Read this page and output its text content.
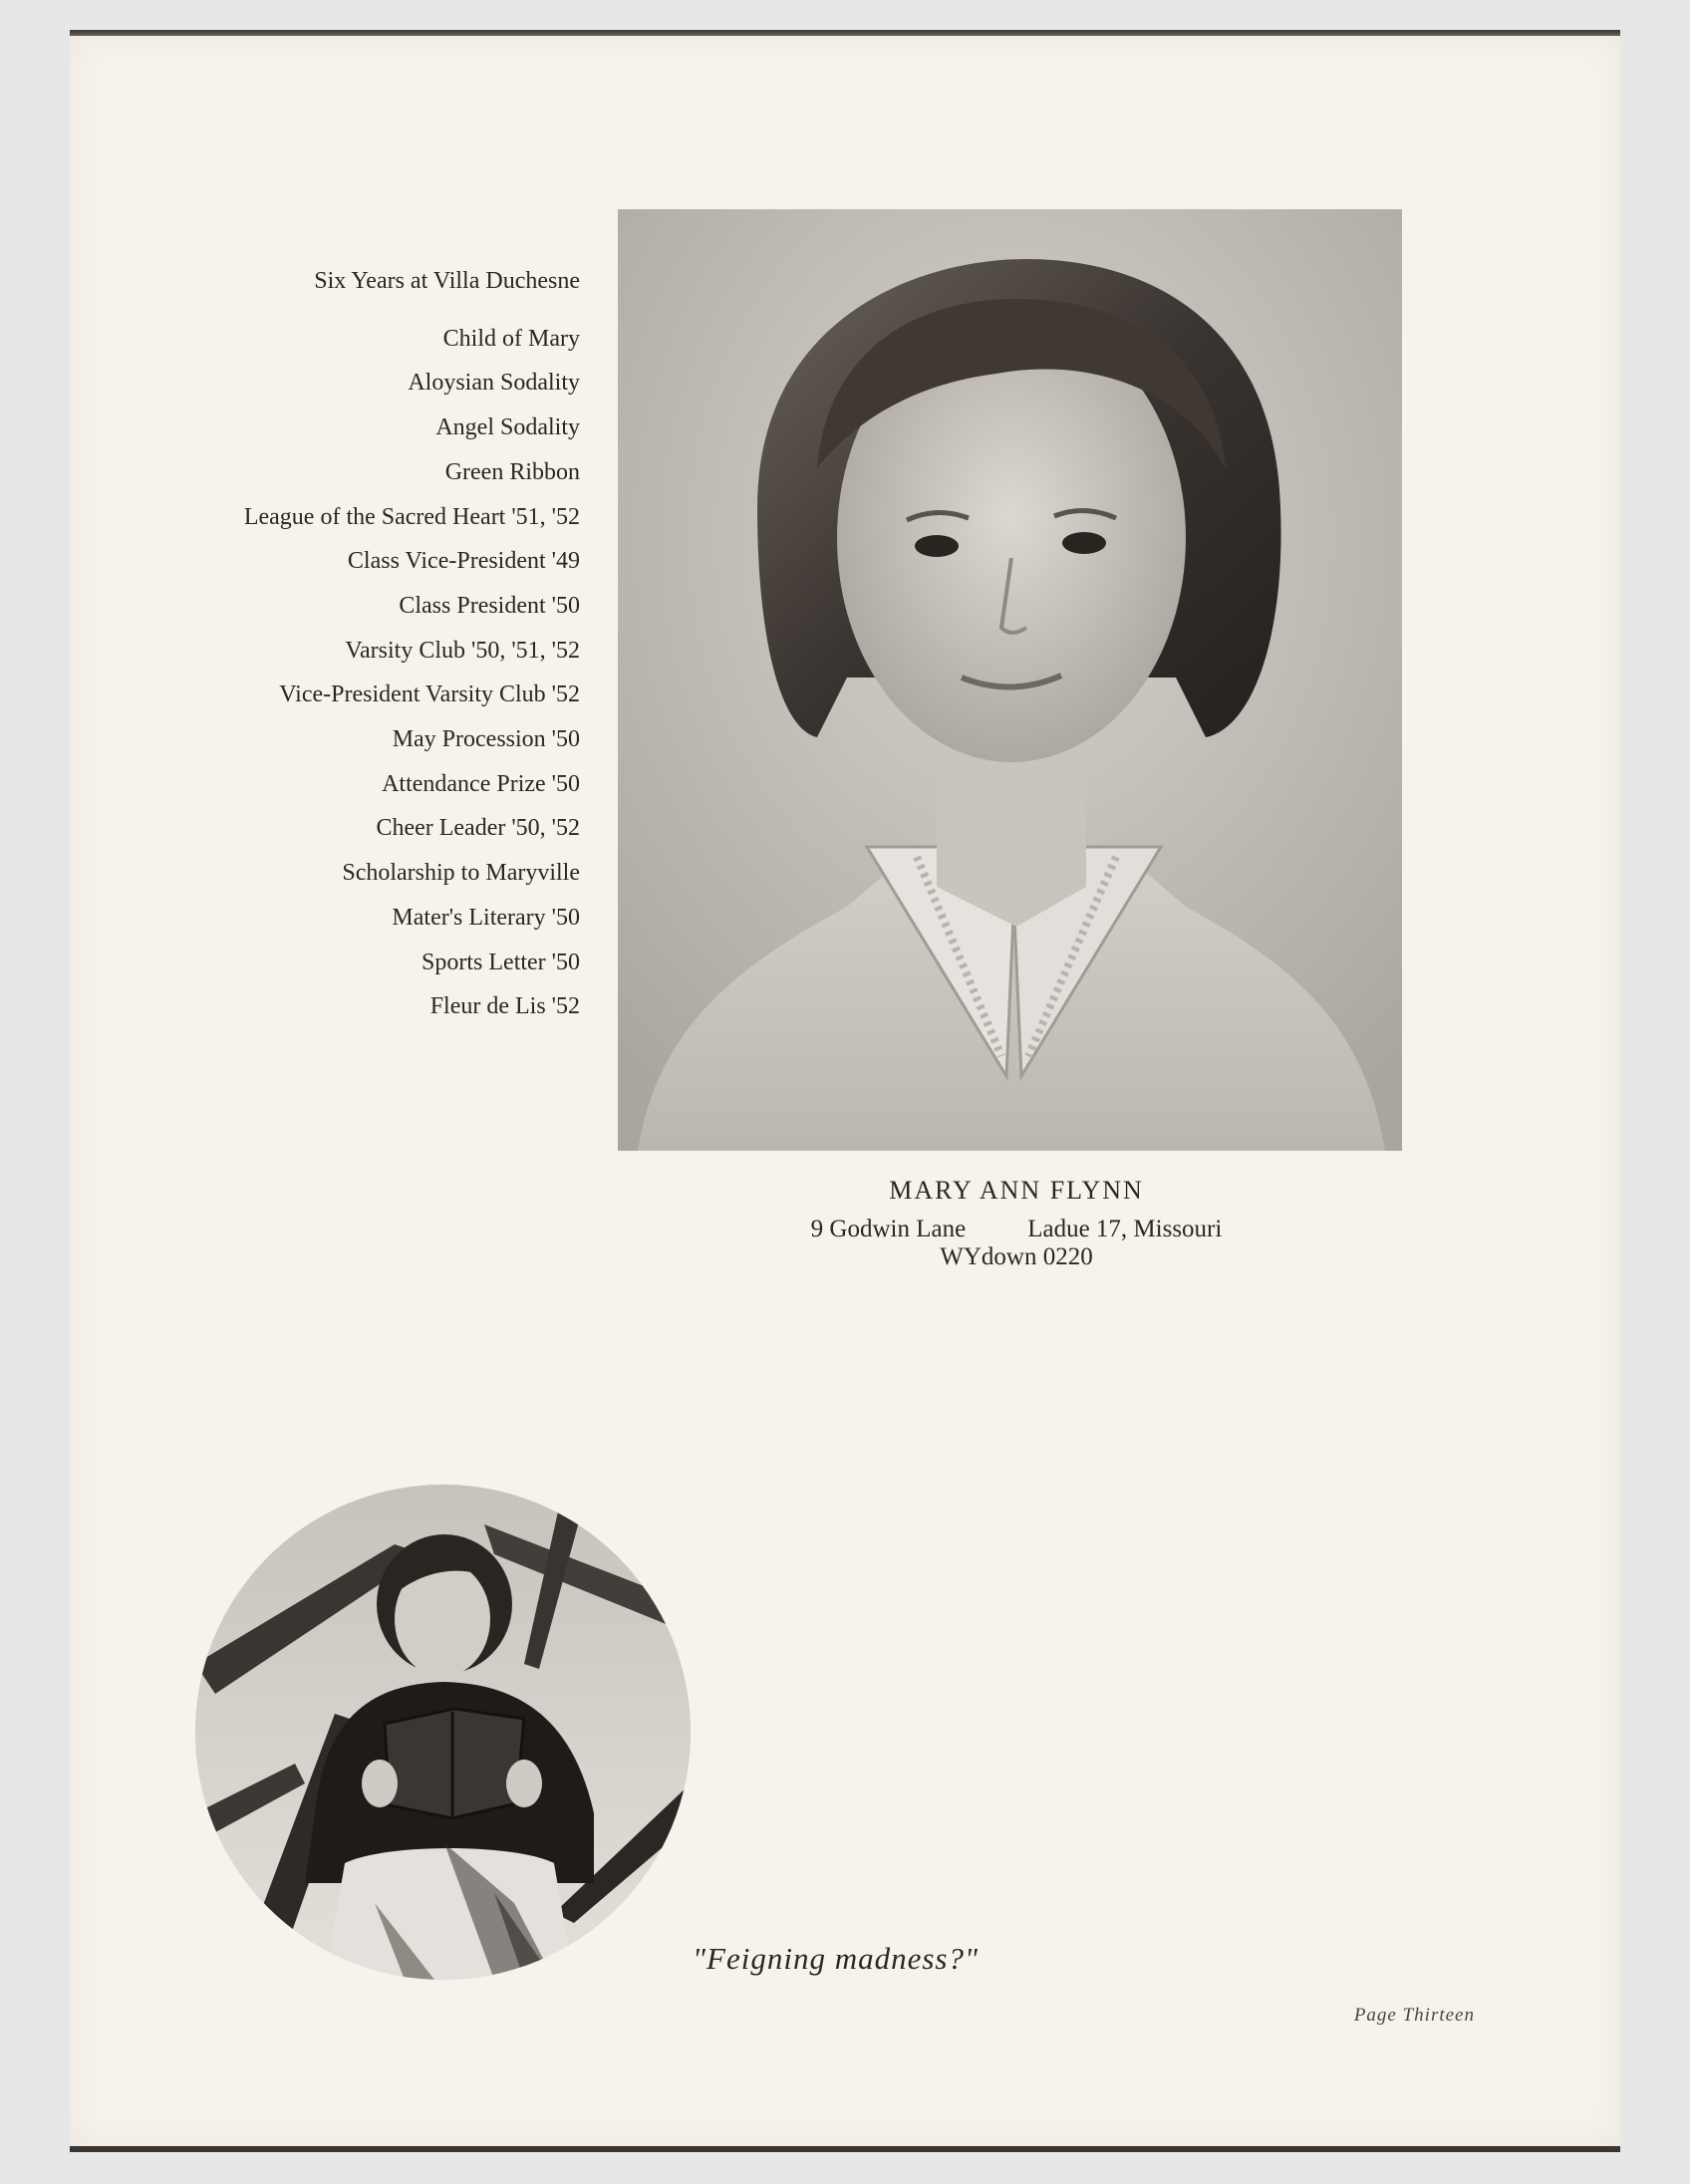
Six Years at Villa Duchesne
Child of Mary
Aloysian Sodality
Angel Sodality
Green Ribbon
League of the Sacred Heart '51, '52
Class Vice-President '49
Class President '50
Varsity Club '50, '51, '52
Vice-President Varsity Club '52
May Procession '50
Attendance Prize '50
Cheer Leader '50, '52
Scholarship to Maryville
Mater's Literary '50
Sports Letter '50
Fleur de Lis '52
MARY ANN FLYNN
9 Godwin Lane Ladue 17, Missouri
WYdown 0220
"Feigning madness?"
Page Thirteen
